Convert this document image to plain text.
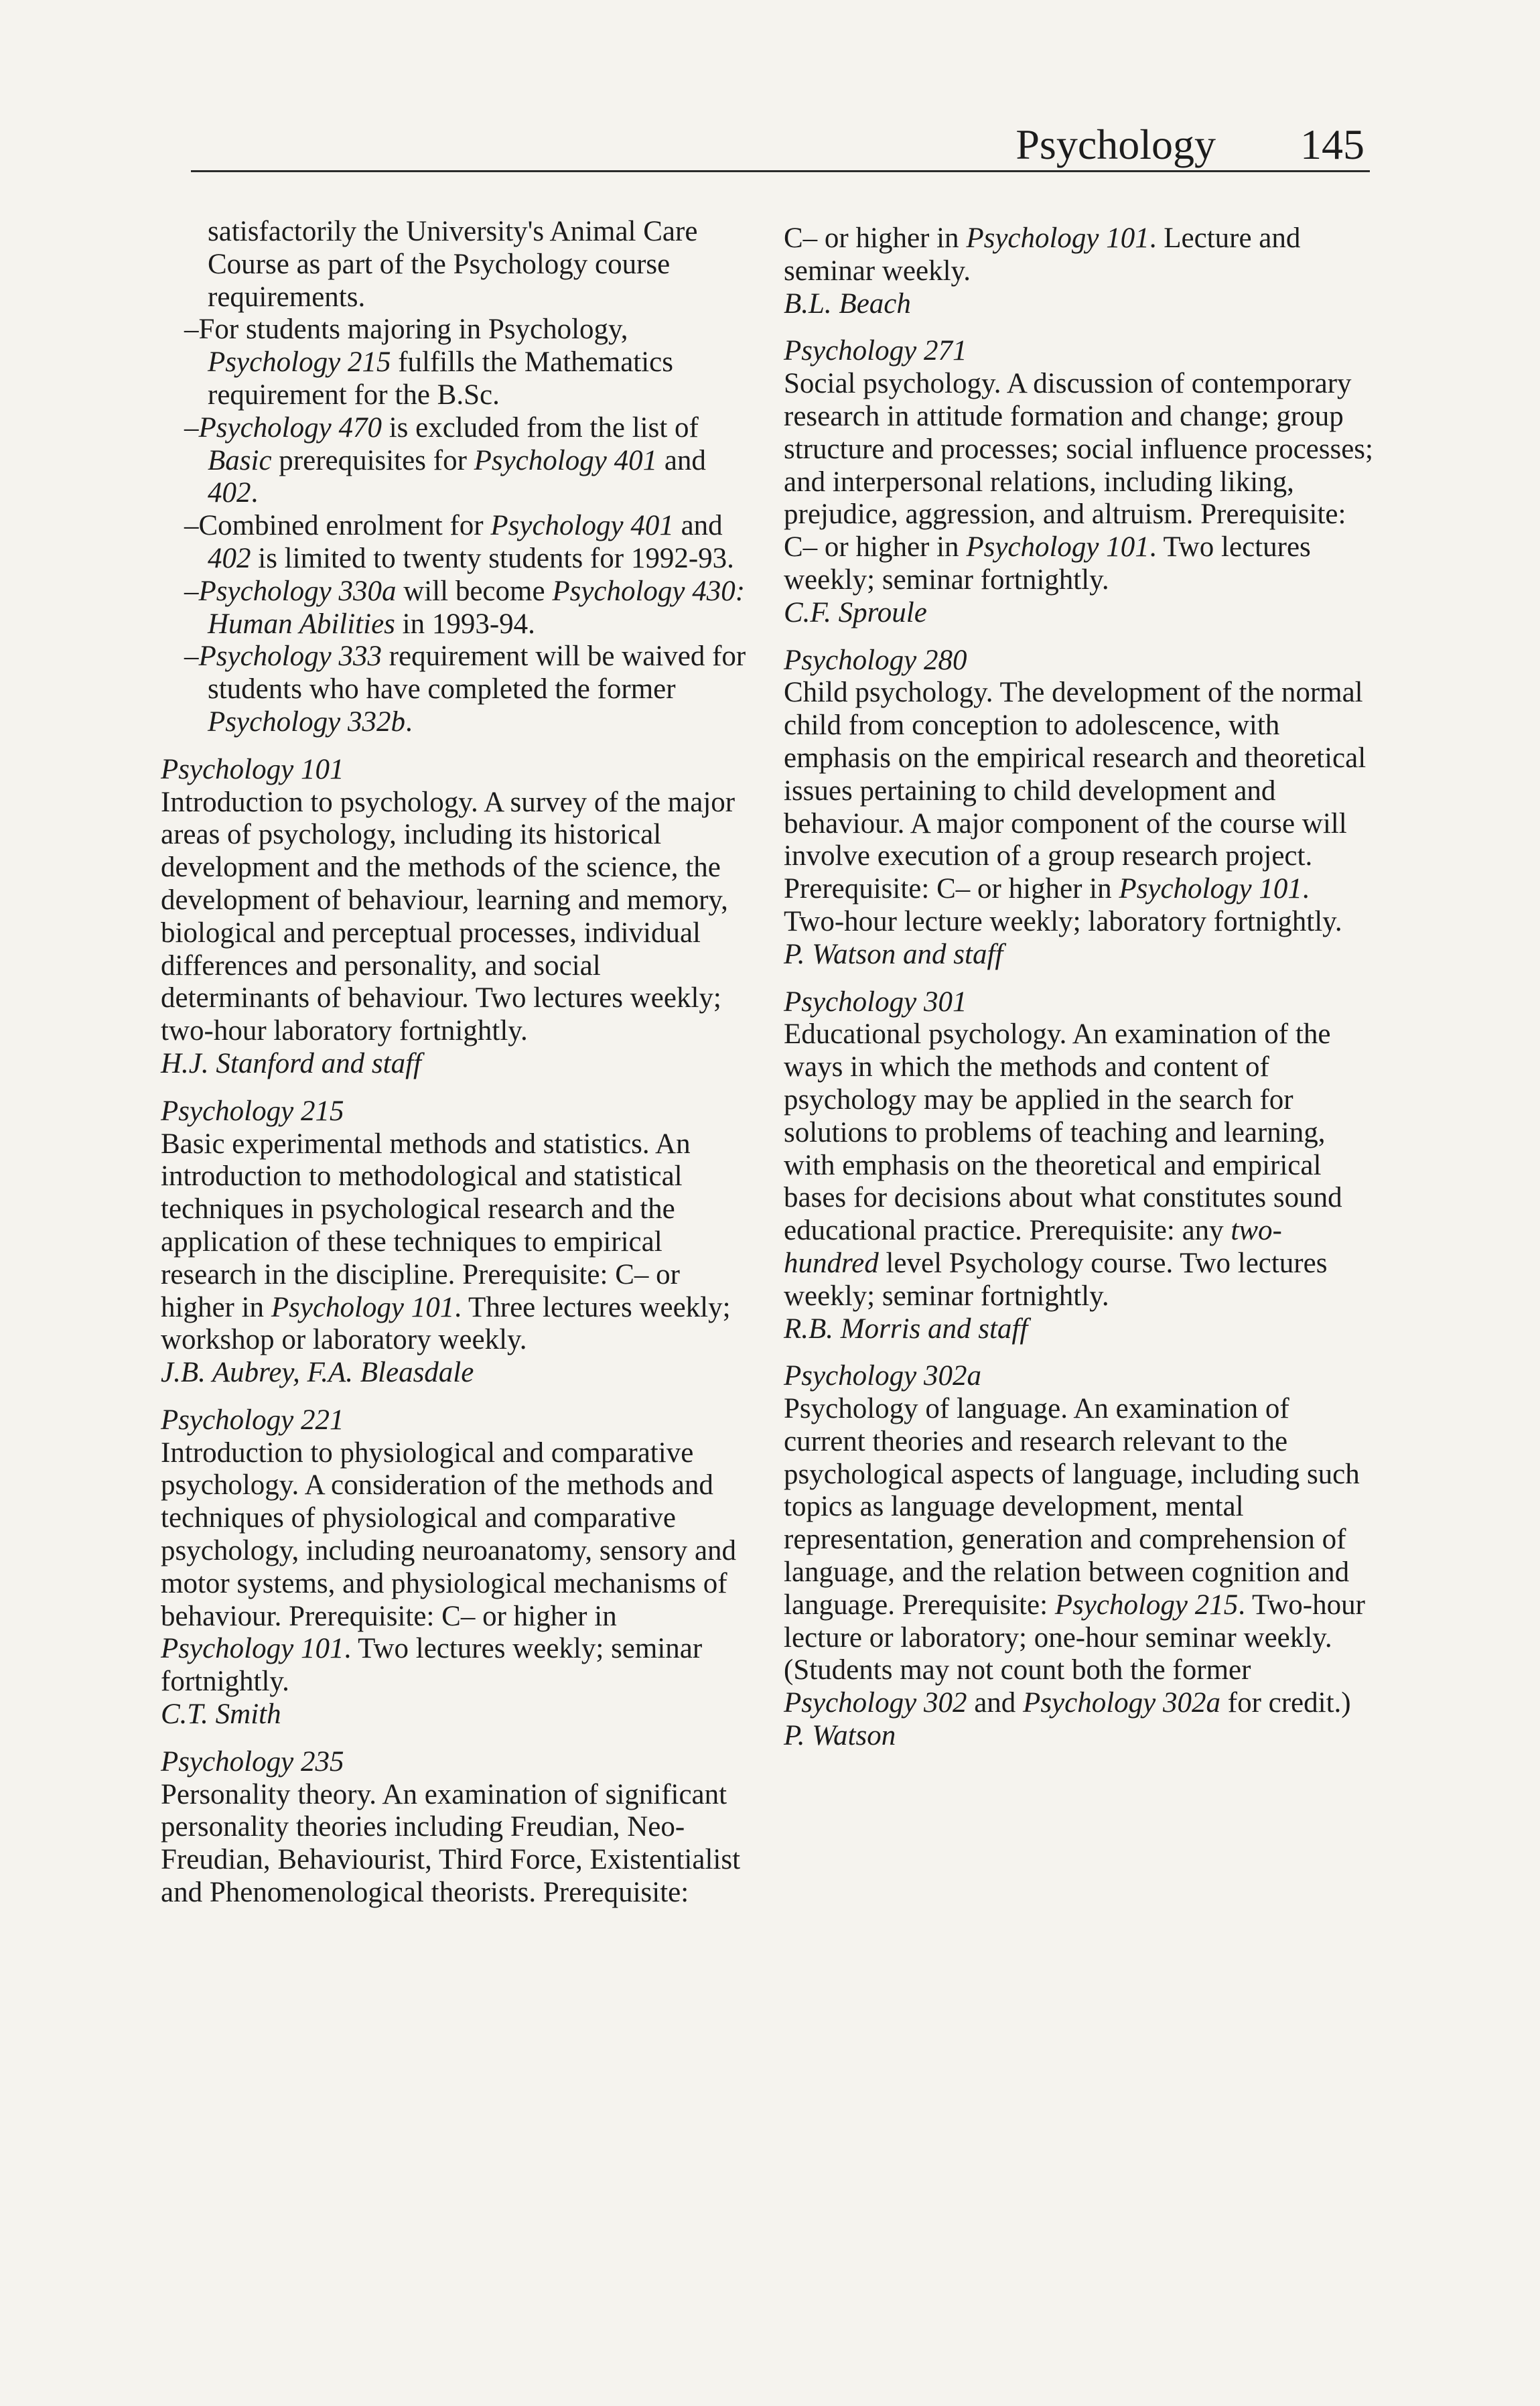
Psychology 145

satisfactorily the University's Animal Care Course as part of the Psychology course requirements.

–For students majoring in Psychology, Psychology 215 fulfills the Mathematics requirement for the B.Sc.

–Psychology 470 is excluded from the list of Basic prerequisites for Psychology 401 and 402.

–Combined enrolment for Psychology 401 and 402 is limited to twenty students for 1992-93.

–Psychology 330a will become Psychology 430: Human Abilities in 1993-94.

–Psychology 333 requirement will be waived for students who have completed the former Psychology 332b.

Psychology 101

Introduction to psychology. A survey of the major areas of psychology, including its historical development and the methods of the science, the development of behaviour, learning and memory, biological and perceptual processes, individual differences and personality, and social determinants of behaviour. Two lectures weekly; two-hour laboratory fortnightly.

H.J. Stanford and staff

Psychology 215

Basic experimental methods and statistics. An introduction to methodological and statistical techniques in psychological research and the application of these techniques to empirical research in the discipline. Prerequisite: C– or higher in Psychology 101. Three lectures weekly; workshop or laboratory weekly.

J.B. Aubrey, F.A. Bleasdale

Psychology 221

Introduction to physiological and comparative psychology. A consideration of the methods and techniques of physiological and comparative psychology, including neuroanatomy, sensory and motor systems, and physiological mechanisms of behaviour. Prerequisite: C– or higher in Psychology 101. Two lectures weekly; seminar fortnightly.

C.T. Smith

Psychology 235

Personality theory. An examination of significant personality theories including Freudian, Neo-Freudian, Behaviourist, Third Force, Existentialist and Phenomenological theorists. Prerequisite:

C– or higher in Psychology 101. Lecture and seminar weekly.

B.L. Beach

Psychology 271

Social psychology. A discussion of contemporary research in attitude formation and change; group structure and processes; social influence processes; and interpersonal relations, including liking, prejudice, aggression, and altruism. Prerequisite: C– or higher in Psychology 101. Two lectures weekly; seminar fortnightly.

C.F. Sproule

Psychology 280

Child psychology. The development of the normal child from conception to adolescence, with emphasis on the empirical research and theoretical issues pertaining to child development and behaviour. A major component of the course will involve execution of a group research project. Prerequisite: C– or higher in Psychology 101. Two-hour lecture weekly; laboratory fortnightly.

P. Watson and staff

Psychology 301

Educational psychology. An examination of the ways in which the methods and content of psychology may be applied in the search for solutions to problems of teaching and learning, with emphasis on the theoretical and empirical bases for decisions about what constitutes sound educational practice. Prerequisite: any two-hundred level Psychology course. Two lectures weekly; seminar fortnightly.

R.B. Morris and staff

Psychology 302a

Psychology of language. An examination of current theories and research relevant to the psychological aspects of language, including such topics as language development, mental representation, generation and comprehension of language, and the relation between cognition and language. Prerequisite: Psychology 215. Two-hour lecture or laboratory; one-hour seminar weekly. (Students may not count both the former Psychology 302 and Psychology 302a for credit.)

P. Watson
